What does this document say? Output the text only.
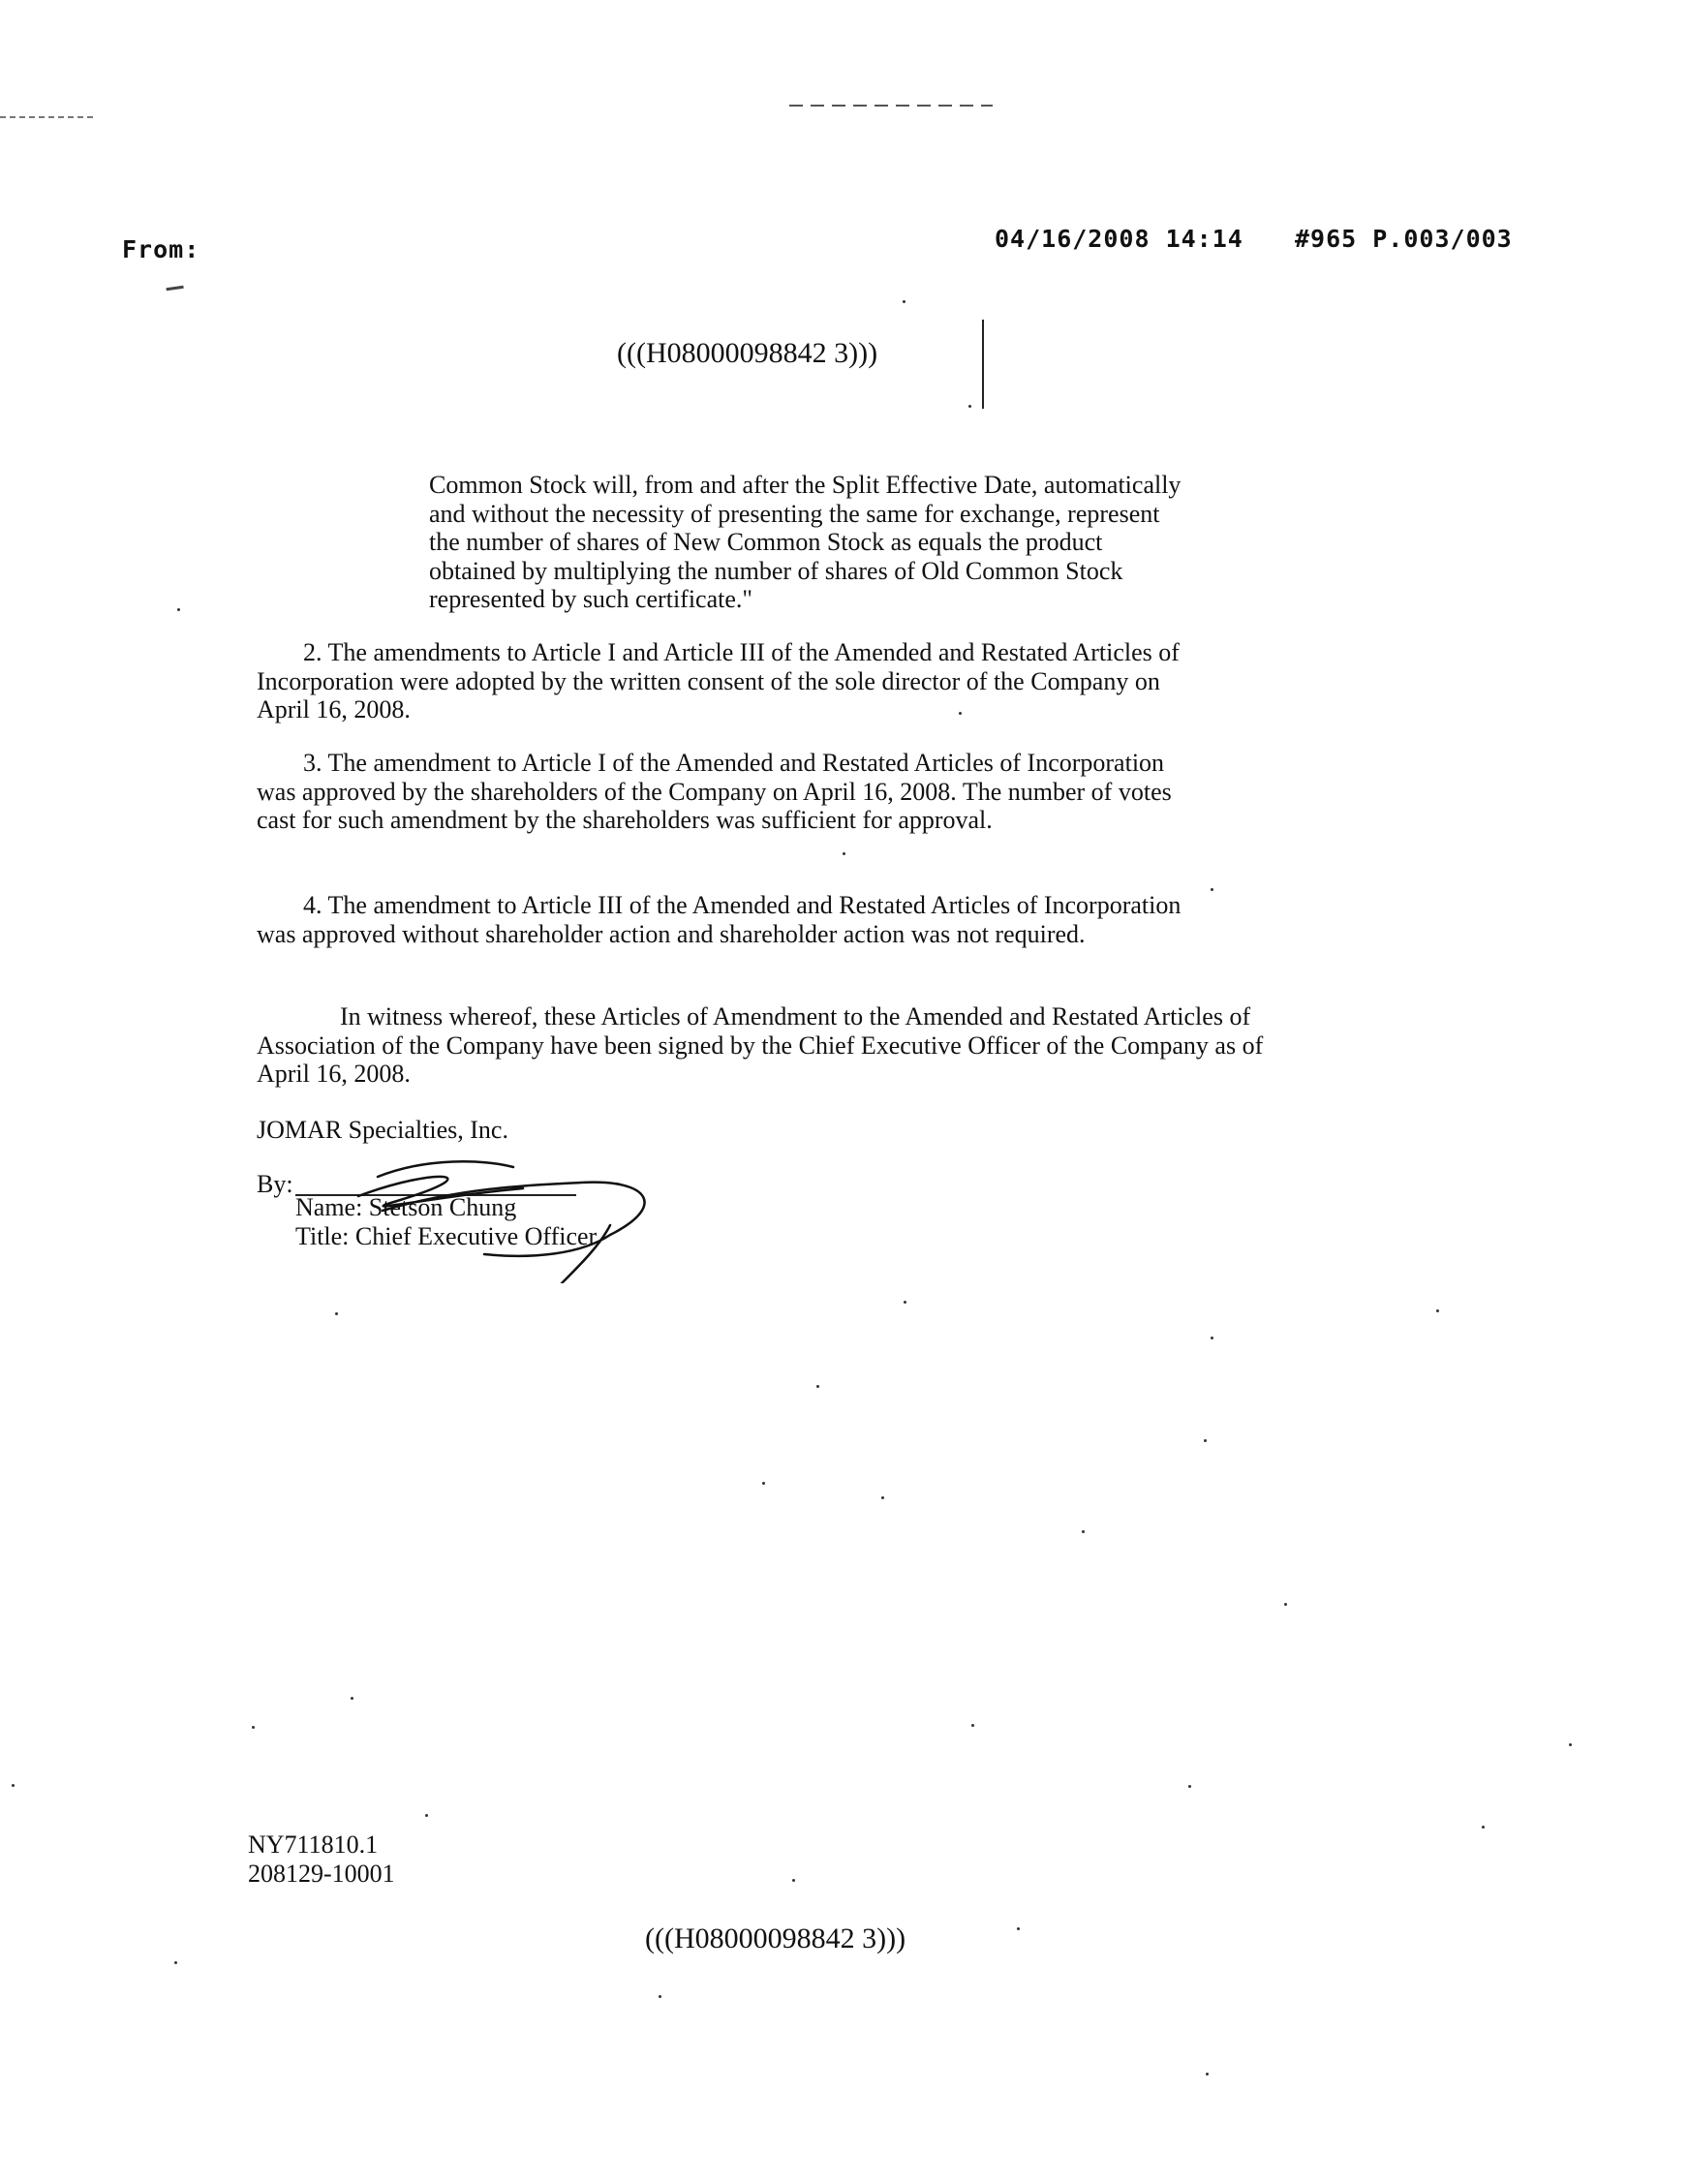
From:	04/16/2008 14:14 #965 P.003/003
(((H08000098842 3)))
Common Stock will, from and after the Split Effective Date, automatically and without the necessity of presenting the same for exchange, represent the number of shares of New Common Stock as equals the product obtained by multiplying the number of shares of Old Common Stock represented by such certificate."
2. The amendments to Article I and Article III of the Amended and Restated Articles of Incorporation were adopted by the written consent of the sole director of the Company on April 16, 2008.
3. The amendment to Article I of the Amended and Restated Articles of Incorporation was approved by the shareholders of the Company on April 16, 2008. The number of votes cast for such amendment by the shareholders was sufficient for approval.
4. The amendment to Article III of the Amended and Restated Articles of Incorporation was approved without shareholder action and shareholder action was not required.
In witness whereof, these Articles of Amendment to the Amended and Restated Articles of Association of the Company have been signed by the Chief Executive Officer of the Company as of April 16, 2008.
JOMAR Specialties, Inc.
By:
Name: Stetson Chung
Title: Chief Executive Officer
NY711810.1
208129-10001
(((H08000098842 3)))
